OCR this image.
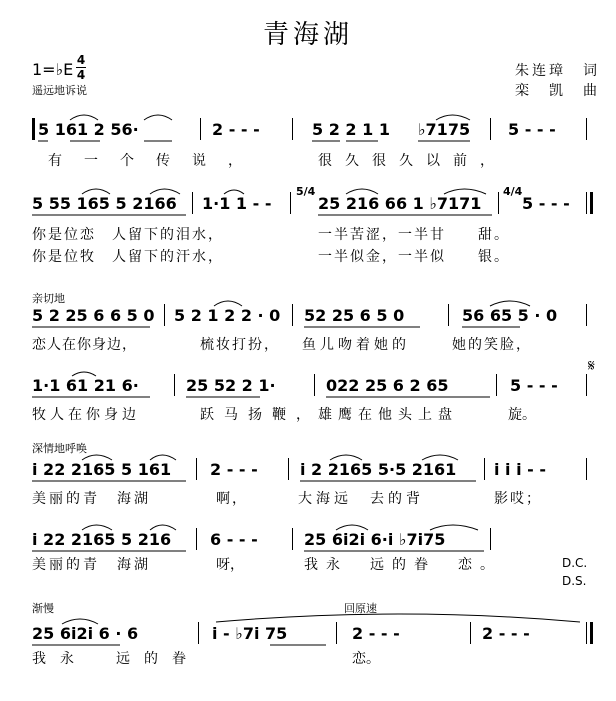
青海湖
1=♭E 4
4
遥远地诉说
朱连璋　词
栾　凯　曲
5 161 2 56·	2 - - -	5 2 2 1 1 ♭7175 5 - - -
有一个传说，	很久很久以前，
5 55 165 5 2166 1·1 1 - -
5/4
25 216 66 1 ♭7171
4/4
5 - - -
你是位恋　人留下的泪水，	一半苦涩，一半甘　　甜。
你是位牧　人留下的汗水，	一半似金，一半似　　银。
亲切地
5 2 25 6 6 5 0 5 2 1 2 2 · 0 52 25 6 5 0	56 65 5 · 0
恋人在你身边，	梳妆打扮， 鱼儿吻着她的	她的笑脸，
1·1 61 21 6·	25 52 2 1·	022 25 6 2 65	5 - - -
𝄋
牧人在你身边	跃马扬鞭，
雄鹰在他头上盘	旋。
深情地呼唤
i 22 2165 5 161 2 - - -	i 2 2165 5·5 2161 i i i - -
美丽的青　海湖	啊，	大海远　去的背	影哎；
i 22 2165 5 216 6 - - -	25 6i2i 6·i ♭7i75
美丽的青　海湖	呀，	我永　远的眷　恋。	D.C.
D.S.
渐慢	回原速
25 6i2i 6 · 6	i - ♭7i 75	2 - - -	2 - - -
我永　远的眷	恋。
